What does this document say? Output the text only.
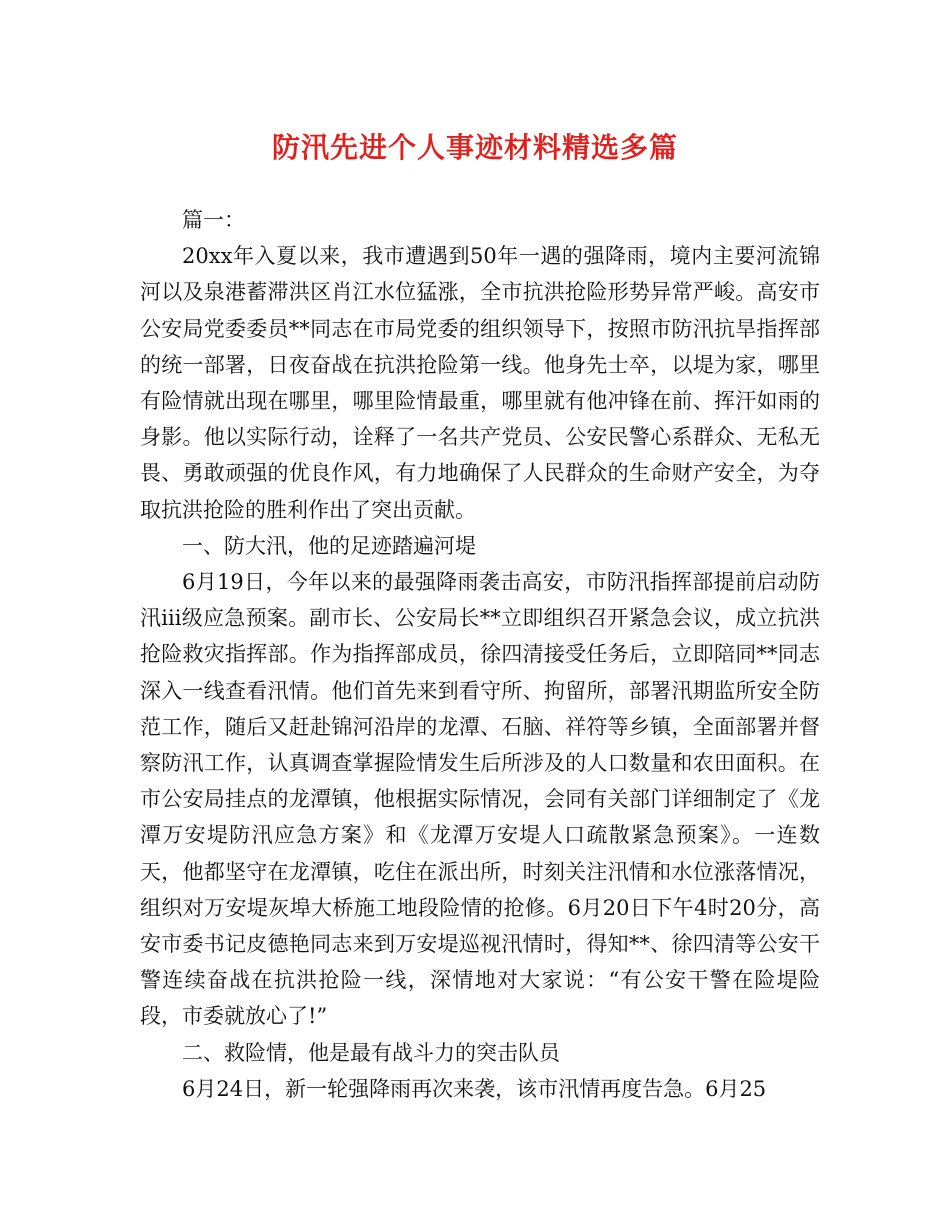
防汛先进个人事迹材料精选多篇

篇一：

20xx年入夏以来，我市遭遇到50年一遇的强降雨，境内主要河流锦河以及泉港蓄滞洪区肖江水位猛涨，全市抗洪抢险形势异常严峻。高安市公安局党委委员**同志在市局党委的组织领导下，按照市防汛抗旱指挥部的统一部署，日夜奋战在抗洪抢险第一线。他身先士卒，以堤为家，哪里有险情就出现在哪里，哪里险情最重，哪里就有他冲锋在前、挥汗如雨的身影。他以实际行动，诠释了一名共产党员、公安民警心系群众、无私无畏、勇敢顽强的优良作风，有力地确保了人民群众的生命财产安全，为夺取抗洪抢险的胜利作出了突出贡献。

一、防大汛，他的足迹踏遍河堤

6月19日，今年以来的最强降雨袭击高安，市防汛指挥部提前启动防汛iii级应急预案。副市长、公安局长**立即组织召开紧急会议，成立抗洪抢险救灾指挥部。作为指挥部成员，徐四清接受任务后，立即陪同**同志深入一线查看汛情。他们首先来到看守所、拘留所，部署汛期监所安全防范工作，随后又赶赴锦河沿岸的龙潭、石脑、祥符等乡镇，全面部署并督察防汛工作，认真调查掌握险情发生后所涉及的人口数量和农田面积。在市公安局挂点的龙潭镇，他根据实际情况，会同有关部门详细制定了《龙潭万安堤防汛应急方案》和《龙潭万安堤人口疏散紧急预案》。一连数天，他都坚守在龙潭镇，吃住在派出所，时刻关注汛情和水位涨落情况，组织对万安堤灰埠大桥施工地段险情的抢修。6月20日下午4时20分，高安市委书记皮德艳同志来到万安堤巡视汛情时，得知**、徐四清等公安干警连续奋战在抗洪抢险一线，深情地对大家说：“有公安干警在险堤险段，市委就放心了!”

二、救险情，他是最有战斗力的突击队员

6月24日，新一轮强降雨再次来袭，该市汛情再度告急。6月25
